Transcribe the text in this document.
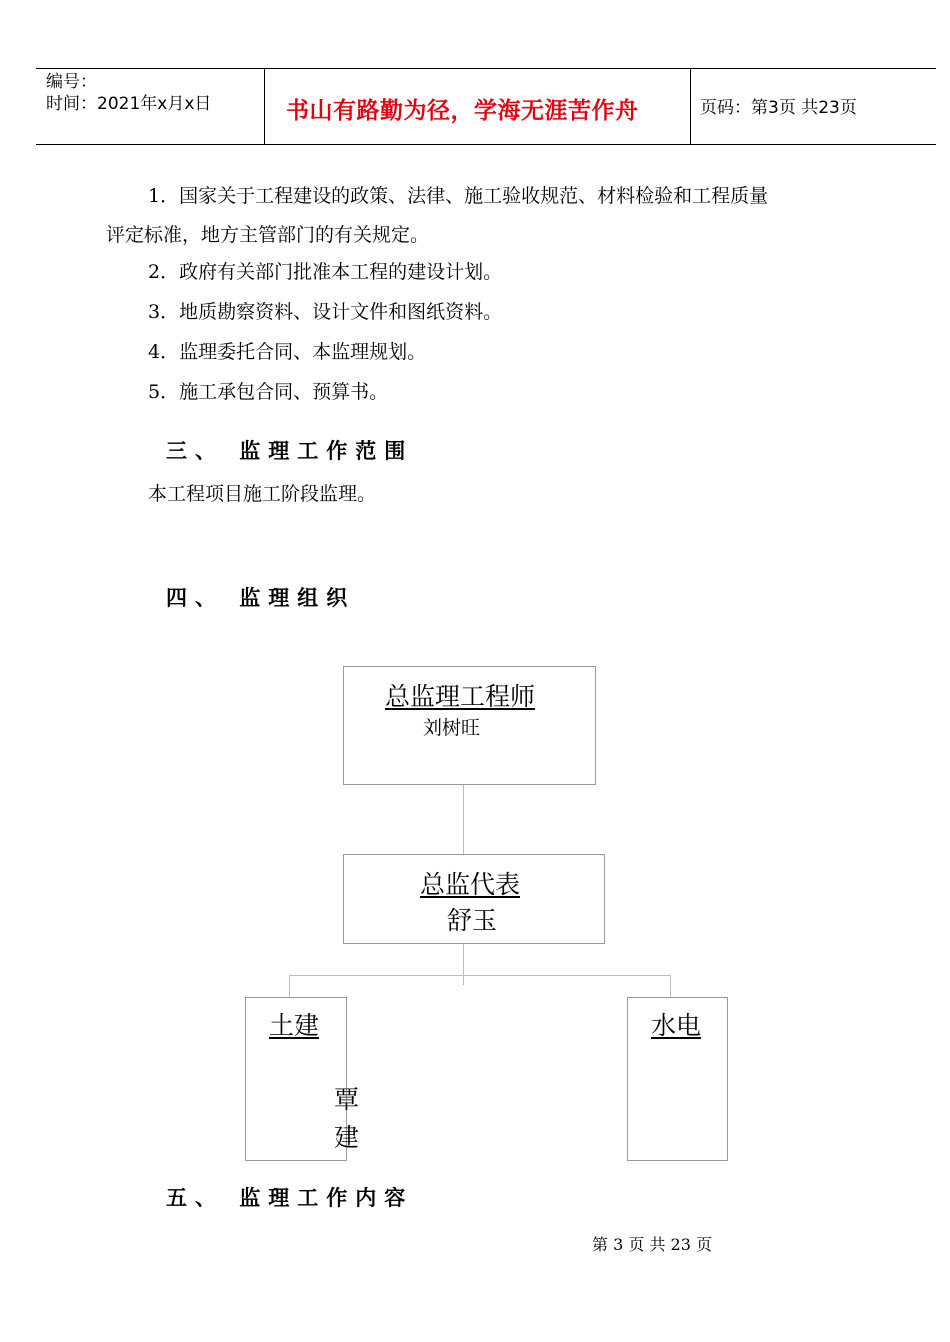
编号：
时间：2021年x月x日	书山有路勤为径，学海无涯苦作舟	页码：第3页 共23页
1．国家关于工程建设的政策、法律、施工验收规范、材料检验和工程质量
评定标准，地方主管部门的有关规定。
2．政府有关部门批准本工程的建设计划。
3．地质勘察资料、设计文件和图纸资料。
4．监理委托合同、本监理规划。
5．施工承包合同、预算书。
三、 监理工作范围
本工程项目施工阶段监理。
四、 监理组织
总监理工程师
刘树旺
总监代表
舒玉
土建
覃
建
水电
五、 监理工作内容
第 3 页 共 23 页
